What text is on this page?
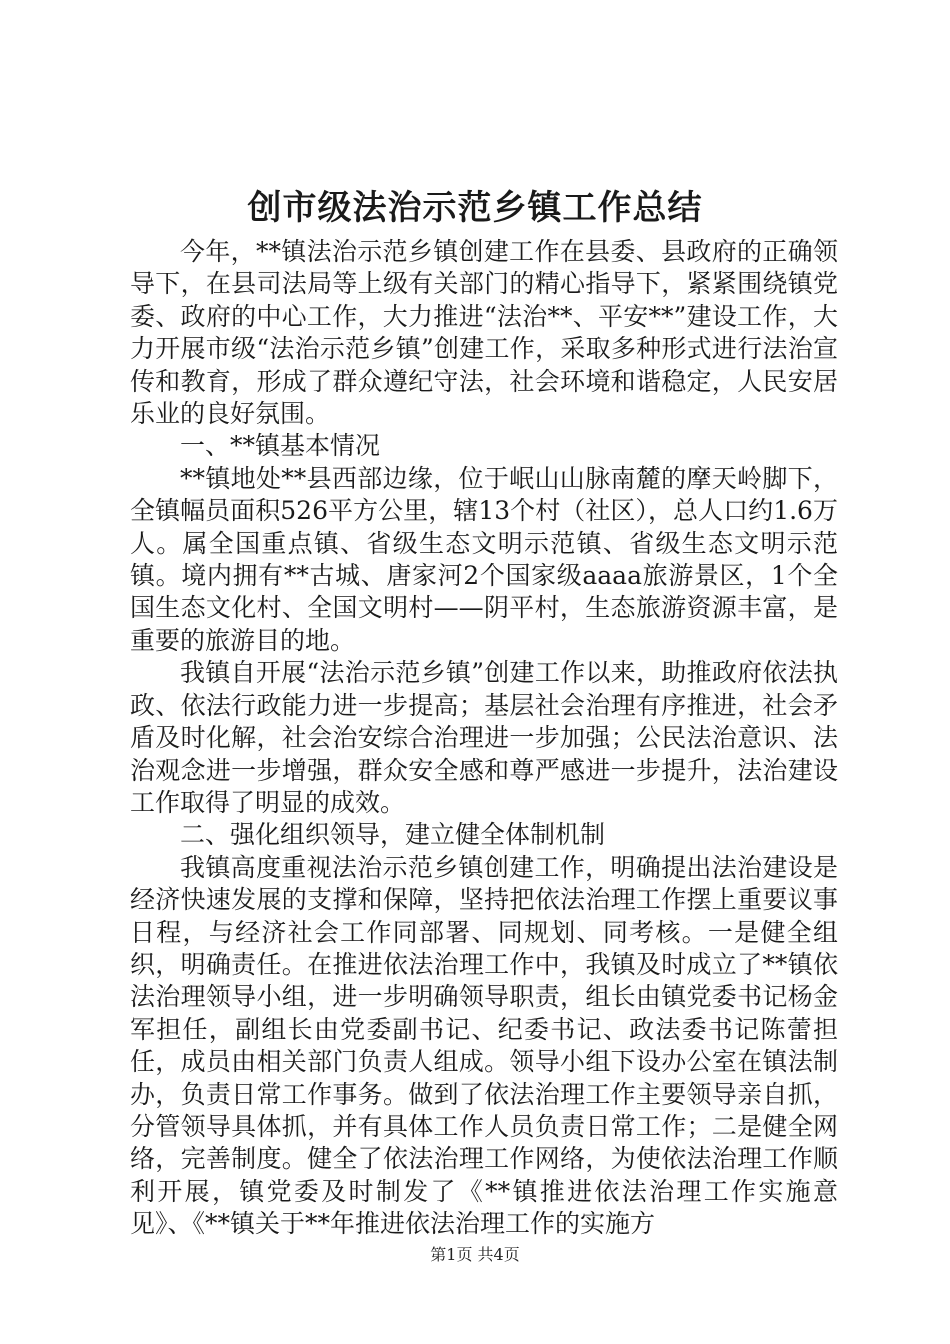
创市级法治示范乡镇工作总结

今年，**镇法治示范乡镇创建工作在县委、县政府的正确领导下，在县司法局等上级有关部门的精心指导下，紧紧围绕镇党委、政府的中心工作，大力推进“法治**、平安**”建设工作，大力开展市级“法治示范乡镇”创建工作，采取多种形式进行法治宣传和教育，形成了群众遵纪守法，社会环境和谐稳定，人民安居乐业的良好氛围。

一、**镇基本情况

**镇地处**县西部边缘，位于岷山山脉南麓的摩天岭脚下，全镇幅员面积526平方公里，辖13个村（社区），总人口约1.6万人。属全国重点镇、省级生态文明示范镇、省级生态文明示范镇。境内拥有**古城、唐家河2个国家级aaaa旅游景区，1个全国生态文化村、全国文明村——阴平村，生态旅游资源丰富，是重要的旅游目的地。

我镇自开展“法治示范乡镇”创建工作以来，助推政府依法执政、依法行政能力进一步提高；基层社会治理有序推进，社会矛盾及时化解，社会治安综合治理进一步加强；公民法治意识、法治观念进一步增强，群众安全感和尊严感进一步提升，法治建设工作取得了明显的成效。

二、强化组织领导，建立健全体制机制

我镇高度重视法治示范乡镇创建工作，明确提出法治建设是经济快速发展的支撑和保障，坚持把依法治理工作摆上重要议事日程，与经济社会工作同部署、同规划、同考核。一是健全组织，明确责任。在推进依法治理工作中，我镇及时成立了**镇依法治理领导小组，进一步明确领导职责，组长由镇党委书记杨金军担任，副组长由党委副书记、纪委书记、政法委书记陈蕾担任，成员由相关部门负责人组成。领导小组下设办公室在镇法制办，负责日常工作事务。做到了依法治理工作主要领导亲自抓，分管领导具体抓，并有具体工作人员负责日常工作；二是健全网络，完善制度。健全了依法治理工作网络，为使依法治理工作顺利开展，镇党委及时制发了《**镇推进依法治理工作实施意见》、《**镇关于**年推进依法治理工作的实施方

第1页 共4页
